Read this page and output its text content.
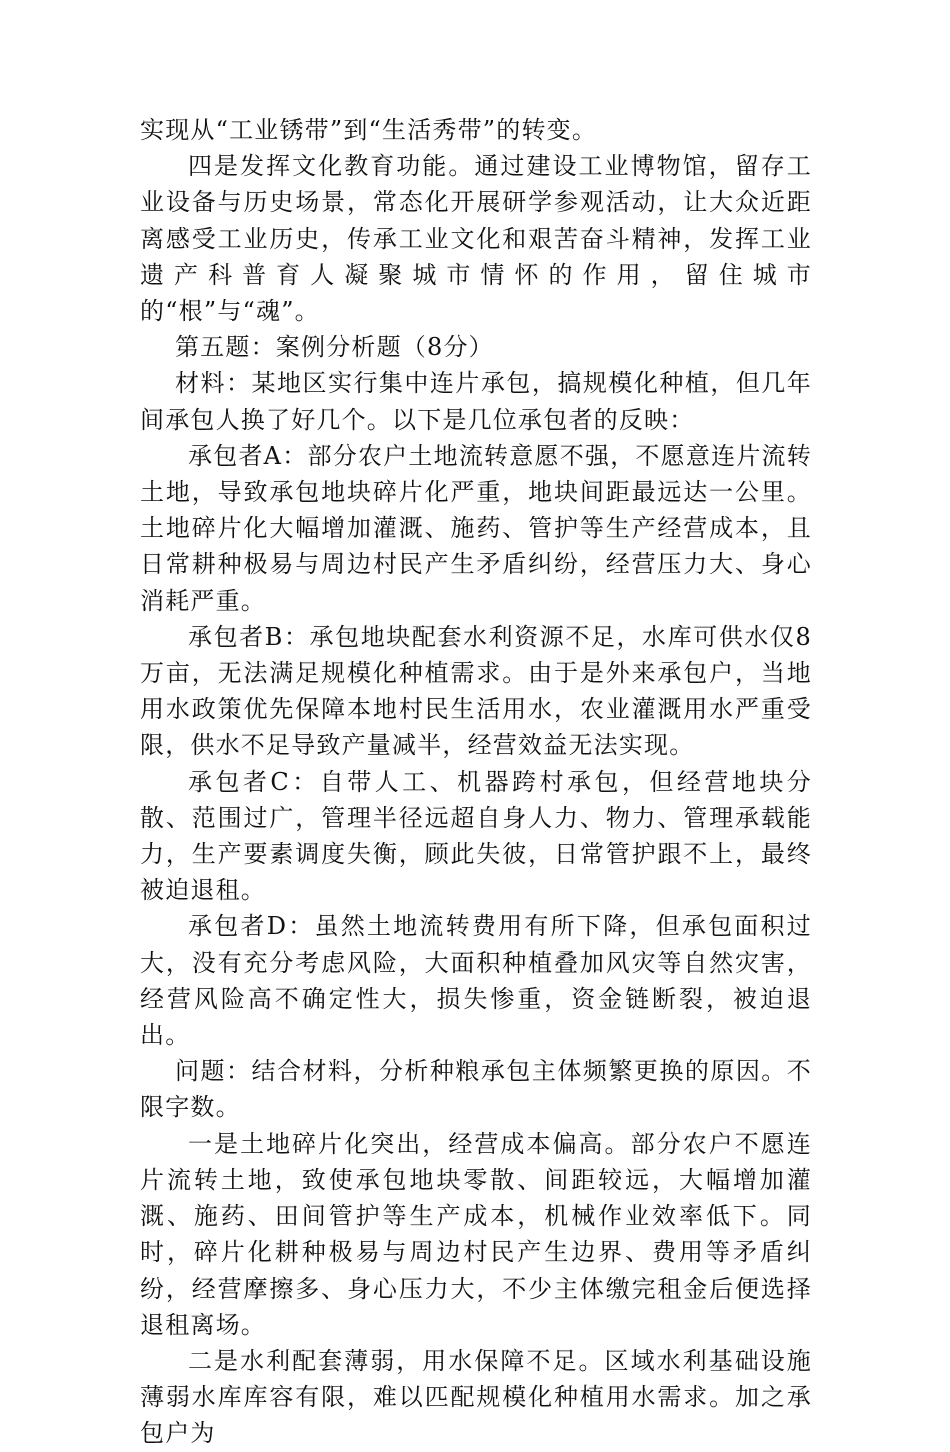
实现从“工业锈带”到“生活秀带”的转变。

四是发挥文化教育功能。通过建设工业博物馆，留存工业设备与历史场景，常态化开展研学参观活动，让大众近距离感受工业历史，传承工业文化和艰苦奋斗精神，发挥工业遗产科普育人凝聚城市情怀的作用，留住城市的“根”与“魂”。

第五题：案例分析题（8分）

材料：某地区实行集中连片承包，搞规模化种植，但几年间承包人换了好几个。以下是几位承包者的反映：

承包者A：部分农户土地流转意愿不强，不愿意连片流转土地，导致承包地块碎片化严重，地块间距最远达一公里。土地碎片化大幅增加灌溉、施药、管护等生产经营成本，且日常耕种极易与周边村民产生矛盾纠纷，经营压力大、身心消耗严重。

承包者B：承包地块配套水利资源不足，水库可供水仅8万亩，无法满足规模化种植需求。由于是外来承包户，当地用水政策优先保障本地村民生活用水，农业灌溉用水严重受限，供水不足导致产量减半，经营效益无法实现。

承包者C：自带人工、机器跨村承包，但经营地块分散、范围过广，管理半径远超自身人力、物力、管理承载能力，生产要素调度失衡，顾此失彼，日常管护跟不上，最终被迫退租。

承包者D：虽然土地流转费用有所下降，但承包面积过大，没有充分考虑风险，大面积种植叠加风灾等自然灾害，经营风险高不确定性大，损失惨重，资金链断裂，被迫退出。

问题：结合材料，分析种粮承包主体频繁更换的原因。不限字数。

一是土地碎片化突出，经营成本偏高。部分农户不愿连片流转土地，致使承包地块零散、间距较远，大幅增加灌溉、施药、田间管护等生产成本，机械作业效率低下。同时，碎片化耕种极易与周边村民产生边界、费用等矛盾纠纷，经营摩擦多、身心压力大，不少主体缴完租金后便选择退租离场。

二是水利配套薄弱，用水保障不足。区域水利基础设施薄弱水库库容有限，难以匹配规模化种植用水需求。加之承包户为
